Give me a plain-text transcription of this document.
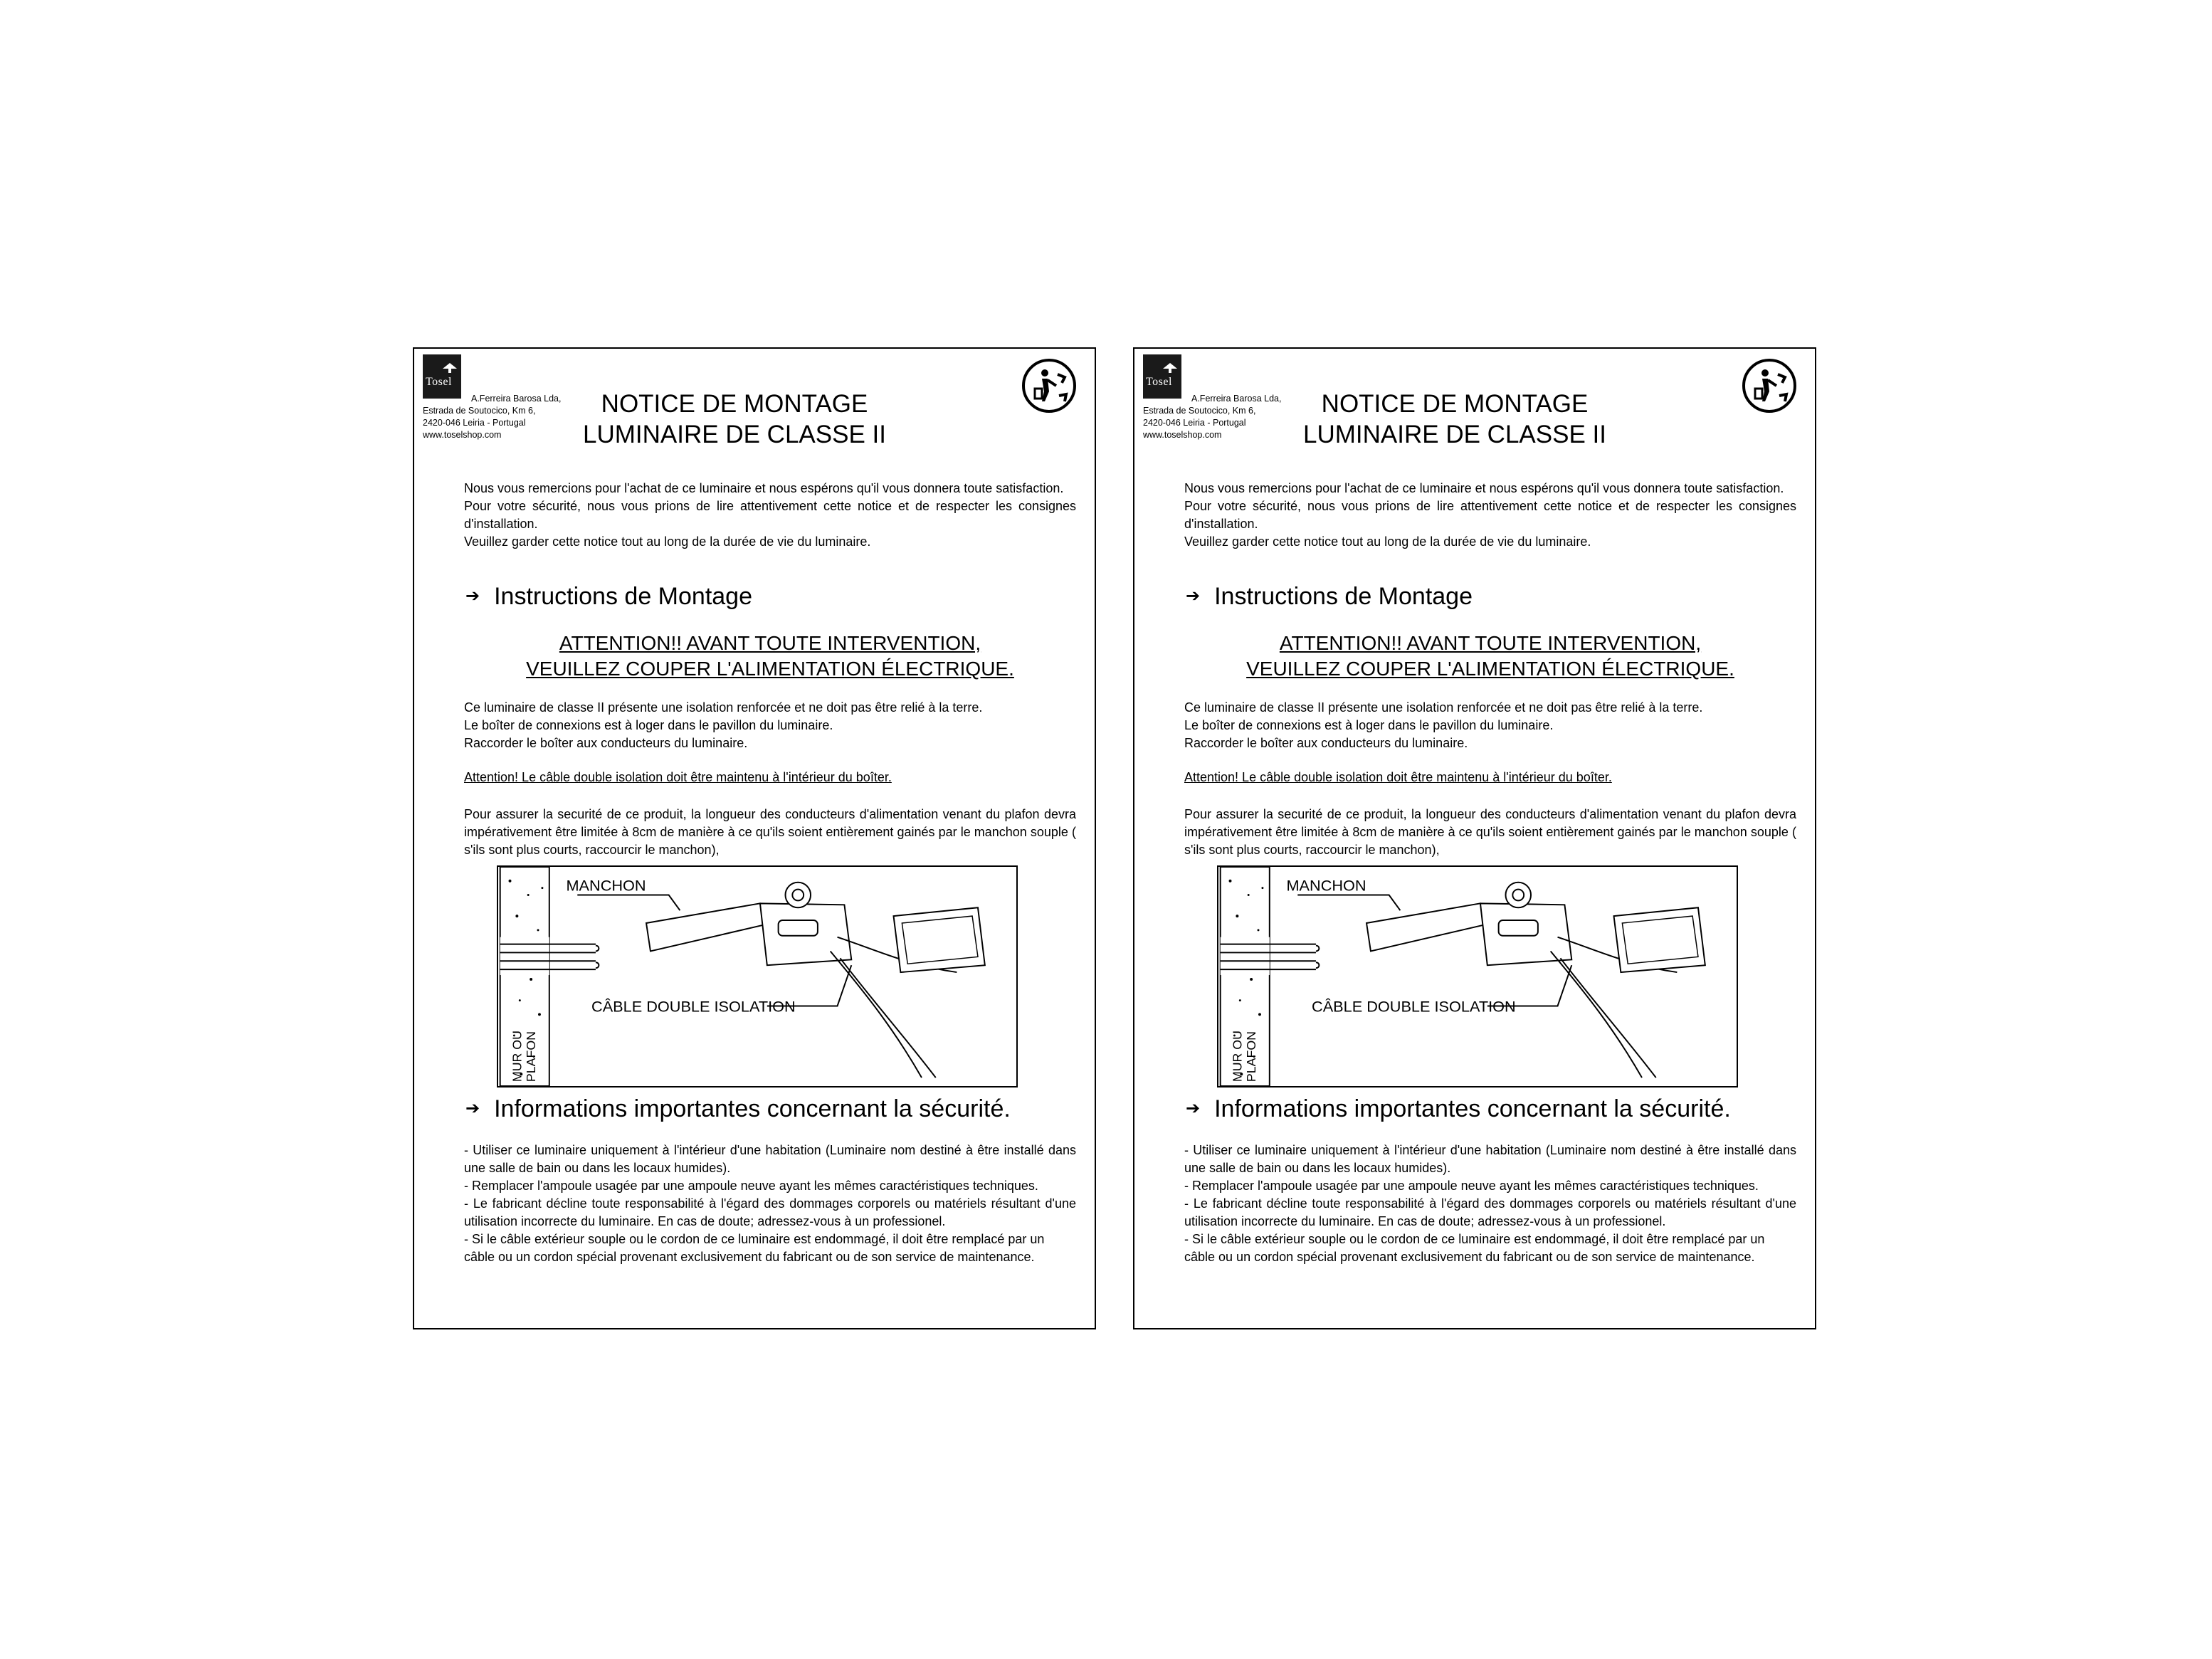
Tosel
A.Ferreira Barosa Lda,
Estrada de Soutocico, Km 6,
2420-046 Leiria - Portugal
www.toselshop.com
NOTICE DE MONTAGE
LUMINAIRE DE CLASSE II

Nous vous remercions pour l'achat de ce luminaire et nous espérons qu'il vous donnera toute satisfaction.
Pour votre sécurité, nous vous prions de lire attentivement cette notice et de respecter les consignes d'installation.
Veuillez garder cette notice tout au long de la durée de vie du luminaire.

➔ Instructions de Montage
ATTENTION!! AVANT TOUTE INTERVENTION,
VEUILLEZ COUPER L'ALIMENTATION ÉLECTRIQUE.

Ce luminaire de classe II présente une isolation renforcée et ne doit pas être relié à la terre.
Le boîter de connexions est à loger dans le pavillon du luminaire.
Raccorder le boîter aux conducteurs du luminaire.

Attention! Le câble double isolation doit être maintenu à l'intérieur du boîter.

Pour assurer la securité de ce produit, la longueur des conducteurs d'alimentation venant du plafon devra impérativement être limitée à 8cm de manière à ce qu'ils soient entièrement gainés par le manchon souple ( s'ils sont plus courts, raccourcir le manchon),

MANCHON
CÂBLE DOUBLE ISOLATION
MUR OU PLAFON
➔ Informations importantes concernant la sécurité.

- Utiliser ce luminaire uniquement à l'intérieur d'une habitation (Luminaire nom destiné à être installé dans une salle de bain ou dans les locaux humides).
- Remplacer l'ampoule usagée par une ampoule neuve ayant les mêmes caractéristiques techniques.
- Le fabricant décline toute responsabilité à l'égard des dommages corporels ou matériels résultant d'une utilisation incorrecte du luminaire. En cas de doute; adressez-vous à un professionel.
- Si le câble extérieur souple ou le cordon de ce luminaire est endommagé, il doit être remplacé par un câble ou un cordon spécial provenant exclusivement du fabricant ou de son service de maintenance.

Tosel
A.Ferreira Barosa Lda,
Estrada de Soutocico, Km 6,
2420-046 Leiria - Portugal
www.toselshop.com
NOTICE DE MONTAGE
LUMINAIRE DE CLASSE II

Nous vous remercions pour l'achat de ce luminaire et nous espérons qu'il vous donnera toute satisfaction.
Pour votre sécurité, nous vous prions de lire attentivement cette notice et de respecter les consignes d'installation.
Veuillez garder cette notice tout au long de la durée de vie du luminaire.

➔ Instructions de Montage
ATTENTION!! AVANT TOUTE INTERVENTION,
VEUILLEZ COUPER L'ALIMENTATION ÉLECTRIQUE.

Ce luminaire de classe II présente une isolation renforcée et ne doit pas être relié à la terre.
Le boîter de connexions est à loger dans le pavillon du luminaire.
Raccorder le boîter aux conducteurs du luminaire.

Attention! Le câble double isolation doit être maintenu à l'intérieur du boîter.

Pour assurer la securité de ce produit, la longueur des conducteurs d'alimentation venant du plafon devra impérativement être limitée à 8cm de manière à ce qu'ils soient entièrement gainés par le manchon souple ( s'ils sont plus courts, raccourcir le manchon),

MANCHON
CÂBLE DOUBLE ISOLATION
MUR OU PLAFON
➔ Informations importantes concernant la sécurité.

- Utiliser ce luminaire uniquement à l'intérieur d'une habitation (Luminaire nom destiné à être installé dans une salle de bain ou dans les locaux humides).
- Remplacer l'ampoule usagée par une ampoule neuve ayant les mêmes caractéristiques techniques.
- Le fabricant décline toute responsabilité à l'égard des dommages corporels ou matériels résultant d'une utilisation incorrecte du luminaire. En cas de doute; adressez-vous à un professionel.
- Si le câble extérieur souple ou le cordon de ce luminaire est endommagé, il doit être remplacé par un câble ou un cordon spécial provenant exclusivement du fabricant ou de son service de maintenance.
